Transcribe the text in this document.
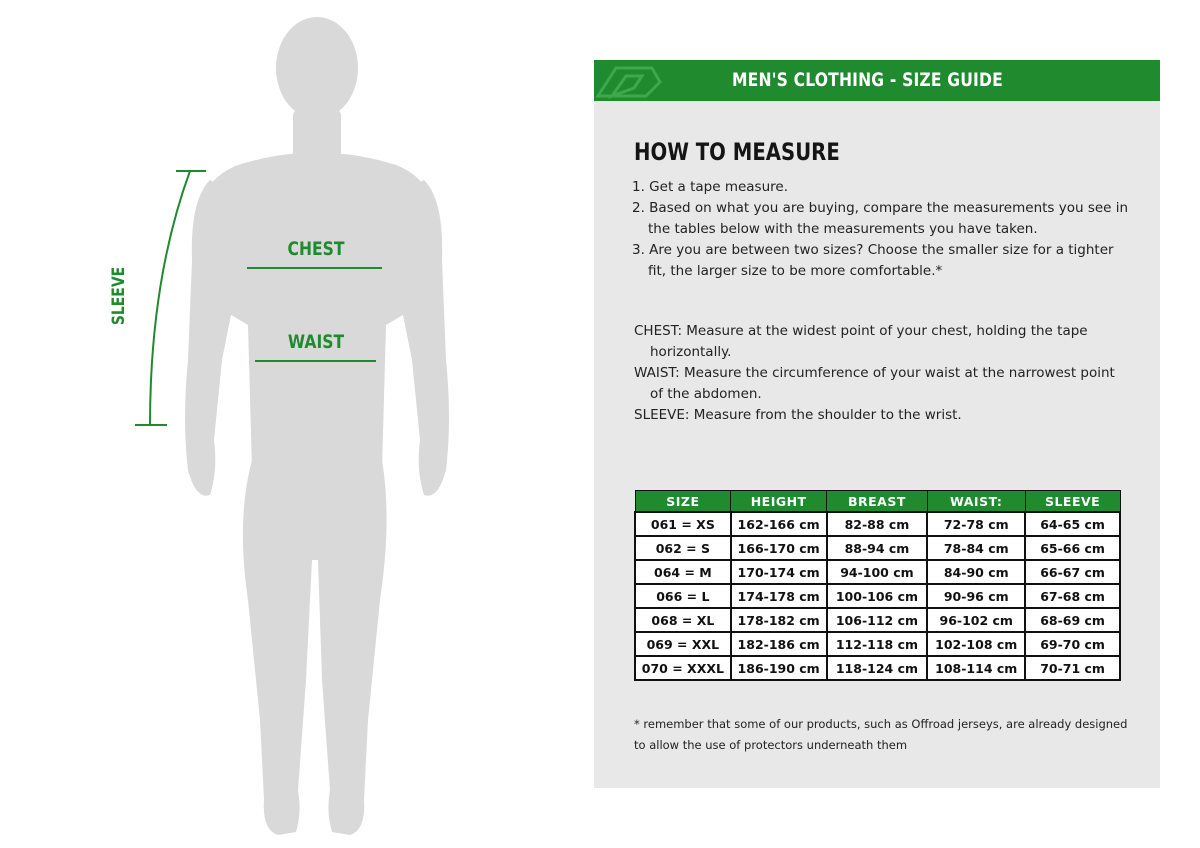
CHEST
WAIST
SLEEVE
MEN'S CLOTHING - SIZE GUIDE
HOW TO MEASURE

1. Get a tape measure.

2. Based on what you are buying, compare the measurements you see in the tables below with the measurements you have taken.

3. Are you are between two sizes? Choose the smaller size for a tighter fit, the larger size to be more comfortable.*

CHEST: Measure at the widest point of your chest, holding the tape horizontally.

WAIST: Measure the circumference of your waist at the narrowest point of the abdomen.

SLEEVE: Measure from the shoulder to the wrist.

SIZE	HEIGHT	BREAST	WAIST:	SLEEVE
061 = XS	162-166 cm	82-88 cm	72-78 cm	64-65 cm
062 = S	166-170 cm	88-94 cm	78-84 cm	65-66 cm
064 = M	170-174 cm	94-100 cm	84-90 cm	66-67 cm
066 = L	174-178 cm	100-106 cm	90-96 cm	67-68 cm
068 = XL	178-182 cm	106-112 cm	96-102 cm	68-69 cm
069 = XXL	182-186 cm	112-118 cm	102-108 cm	69-70 cm
070 = XXXL	186-190 cm	118-124 cm	108-114 cm	70-71 cm
* remember that some of our products, such as Offroad jerseys, are already designed to allow the use of protectors underneath them
